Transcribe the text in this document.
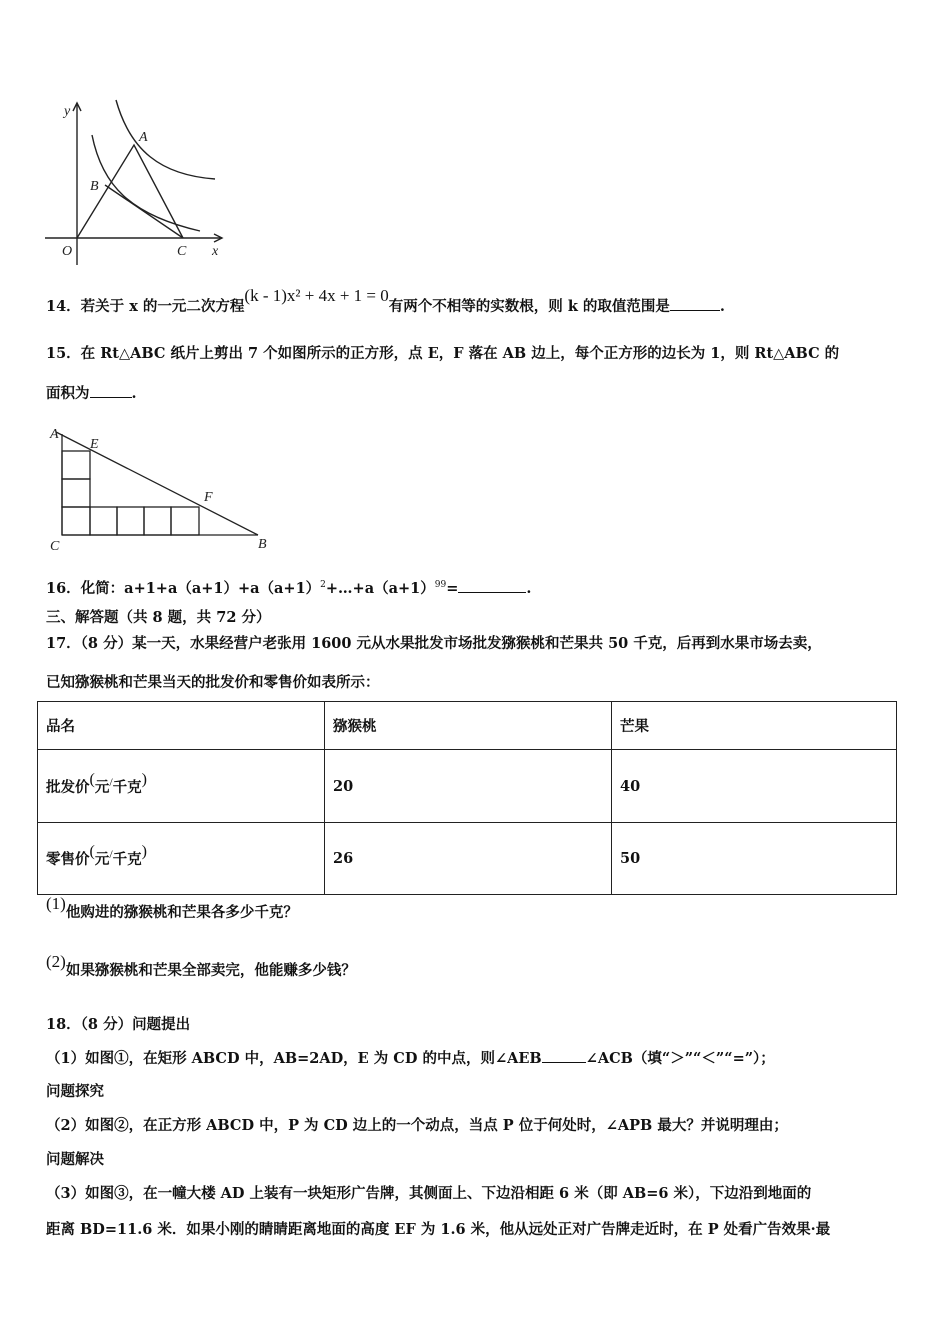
y
A
B
O	C x
14．若关于 x 的一元二次方程(k - 1)x² + 4x + 1 = 0有两个不相等的实数根，则 k 的取值范围是	.
15．在 Rt△ABC 纸片上剪出 7 个如图所示的正方形，点 E，F 落在 AB 边上，每个正方形的边长为 1，则 Rt△ABC 的
面积为	.
A
E
F
C	B
16．化简：$a+1+a(a+1)+a(a+1)^2+\dots+a(a+1)^{99}=$	.
三、解答题（共 8 题，共 72 分）
17．（8 分）某一天，水果经营户老张用 1600 元从水果批发市场批发猕猴桃和芒果共 50 千克，后再到水果市场去卖，
已知猕猴桃和芒果当天的批发价和零售价如表所示：
品名	猕猴桃	芒果
批发价(元/千克)	20	40
零售价(元/千克)	26	50
(1)他购进的猕猴桃和芒果各多少千克？
(2)如果猕猴桃和芒果全部卖完，他能赚多少钱？
18．（8 分）问题提出
（1）如图①，在矩形 ABCD 中，AB=2AD，E 为 CD 的中点，则∠AEB	∠ACB（填“＞”“＜”“=”）；
问题探究
（2）如图②，在正方形 ABCD 中，P 为 CD 边上的一个动点，当点 P 位于何处时，∠APB 最大？并说明理由；
问题解决
（3）如图③，在一幢大楼 AD 上装有一块矩形广告牌，其侧面上、下边沿相距 6 米（即 AB=6 米），下边沿到地面的
距离 BD=11.6 米．如果小刚的睛睛距离地面的高度 EF 为 1.6 米，他从远处正对广告牌走近时，在 P 处看广告效果·最
